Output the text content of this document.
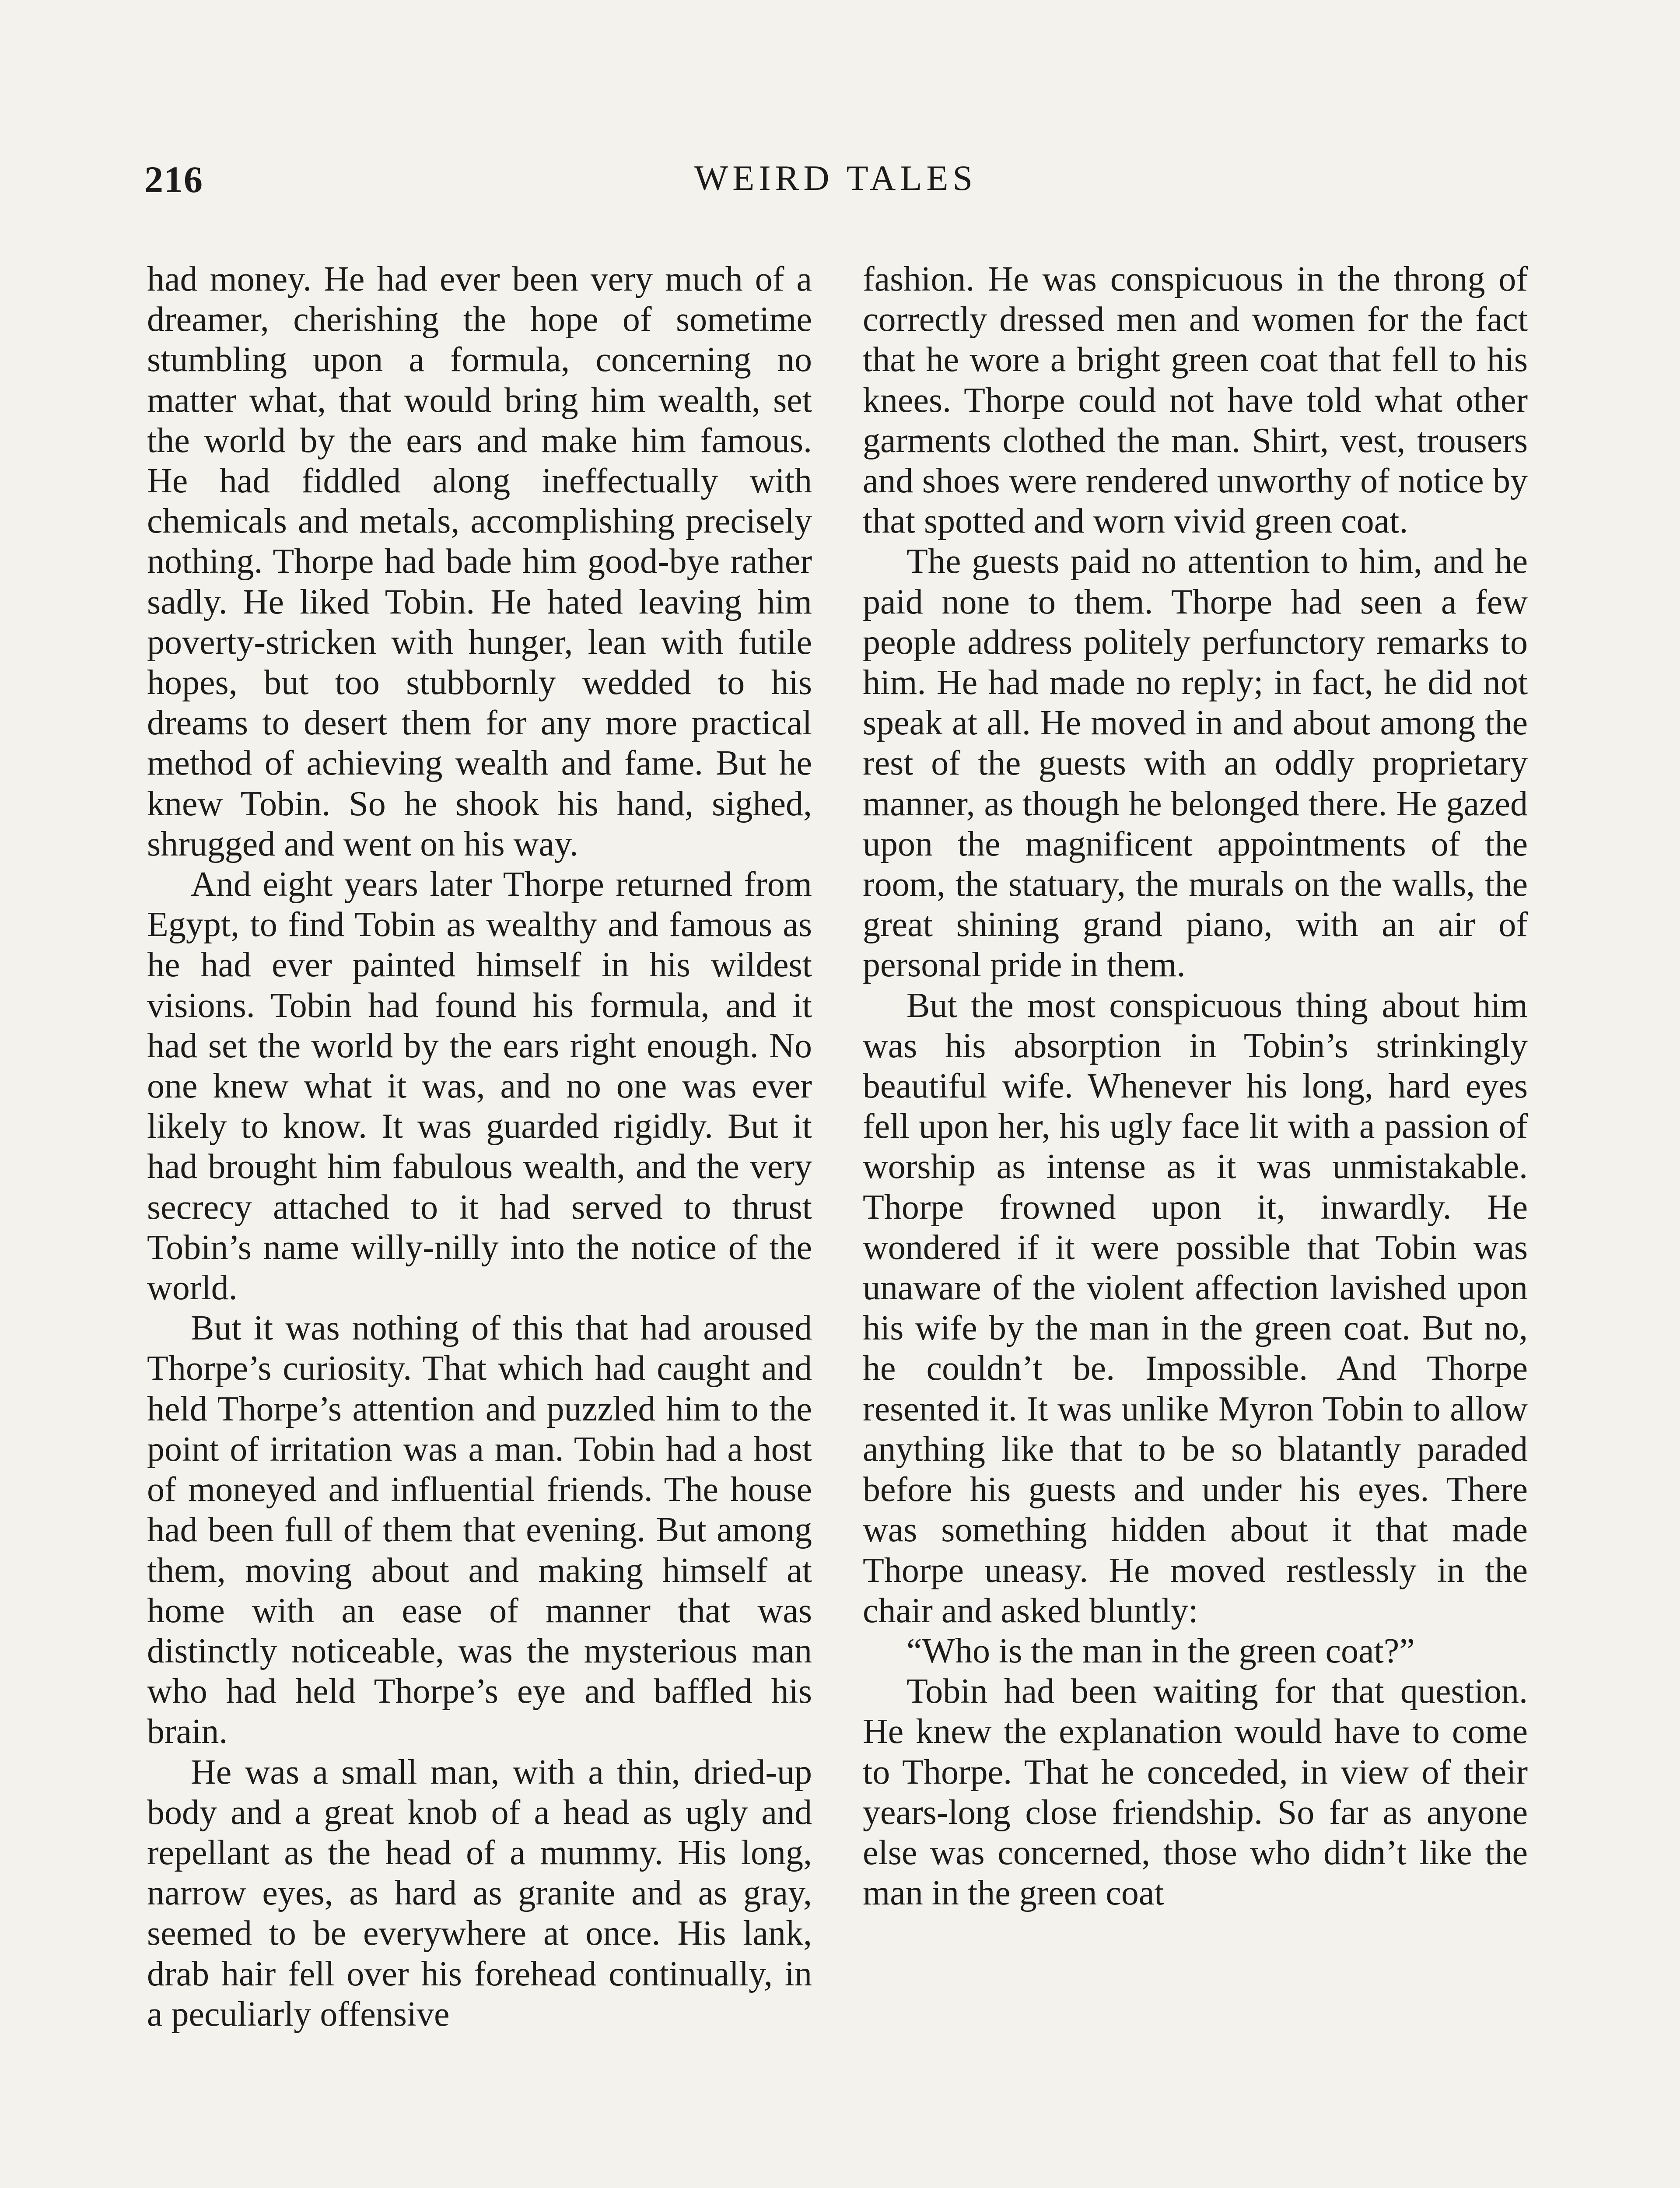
216	WEIRD TALES

had money. He had ever been very much of a dreamer, cherishing the hope of sometime stumbling upon a formula, concerning no matter what, that would bring him wealth, set the world by the ears and make him famous. He had fiddled along ineffectually with chemicals and metals, accomplishing precisely nothing. Thorpe had bade him good-bye rather sadly. He liked Tobin. He hated leaving him poverty-stricken with hunger, lean with futile hopes, but too stubbornly wedded to his dreams to desert them for any more practical method of achieving wealth and fame. But he knew Tobin. So he shook his hand, sighed, shrugged and went on his way.

And eight years later Thorpe returned from Egypt, to find Tobin as wealthy and famous as he had ever painted himself in his wildest visions. Tobin had found his formula, and it had set the world by the ears right enough. No one knew what it was, and no one was ever likely to know. It was guarded rigidly. But it had brought him fabulous wealth, and the very secrecy attached to it had served to thrust Tobin’s name willy-nilly into the notice of the world.

But it was nothing of this that had aroused Thorpe’s curiosity. That which had caught and held Thorpe’s attention and puzzled him to the point of irritation was a man. Tobin had a host of moneyed and influential friends. The house had been full of them that evening. But among them, moving about and making himself at home with an ease of manner that was distinctly noticeable, was the mysterious man who had held Thorpe’s eye and baffled his brain.

He was a small man, with a thin, dried-up body and a great knob of a head as ugly and repellant as the head of a mummy. His long, narrow eyes, as hard as granite and as gray, seemed to be everywhere at once. His lank, drab hair fell over his forehead continually, in a peculiarly offensive

fashion. He was conspicuous in the throng of correctly dressed men and women for the fact that he wore a bright green coat that fell to his knees. Thorpe could not have told what other garments clothed the man. Shirt, vest, trousers and shoes were rendered unworthy of notice by that spotted and worn vivid green coat.

The guests paid no attention to him, and he paid none to them. Thorpe had seen a few people address politely perfunctory remarks to him. He had made no reply; in fact, he did not speak at all. He moved in and about among the rest of the guests with an oddly proprietary manner, as though he belonged there. He gazed upon the magnificent appointments of the room, the statuary, the murals on the walls, the great shining grand piano, with an air of personal pride in them.

But the most conspicuous thing about him was his absorption in Tobin’s strinkingly beautiful wife. Whenever his long, hard eyes fell upon her, his ugly face lit with a passion of worship as intense as it was unmistakable. Thorpe frowned upon it, inwardly. He wondered if it were possible that Tobin was unaware of the violent affection lavished upon his wife by the man in the green coat. But no, he couldn’t be. Impossible. And Thorpe resented it. It was unlike Myron Tobin to allow anything like that to be so blatantly paraded before his guests and under his eyes. There was something hidden about it that made Thorpe uneasy. He moved restlessly in the chair and asked bluntly:

“Who is the man in the green coat?”

Tobin had been waiting for that question. He knew the explanation would have to come to Thorpe. That he conceded, in view of their years-long close friendship. So far as anyone else was concerned, those who didn’t like the man in the green coat
